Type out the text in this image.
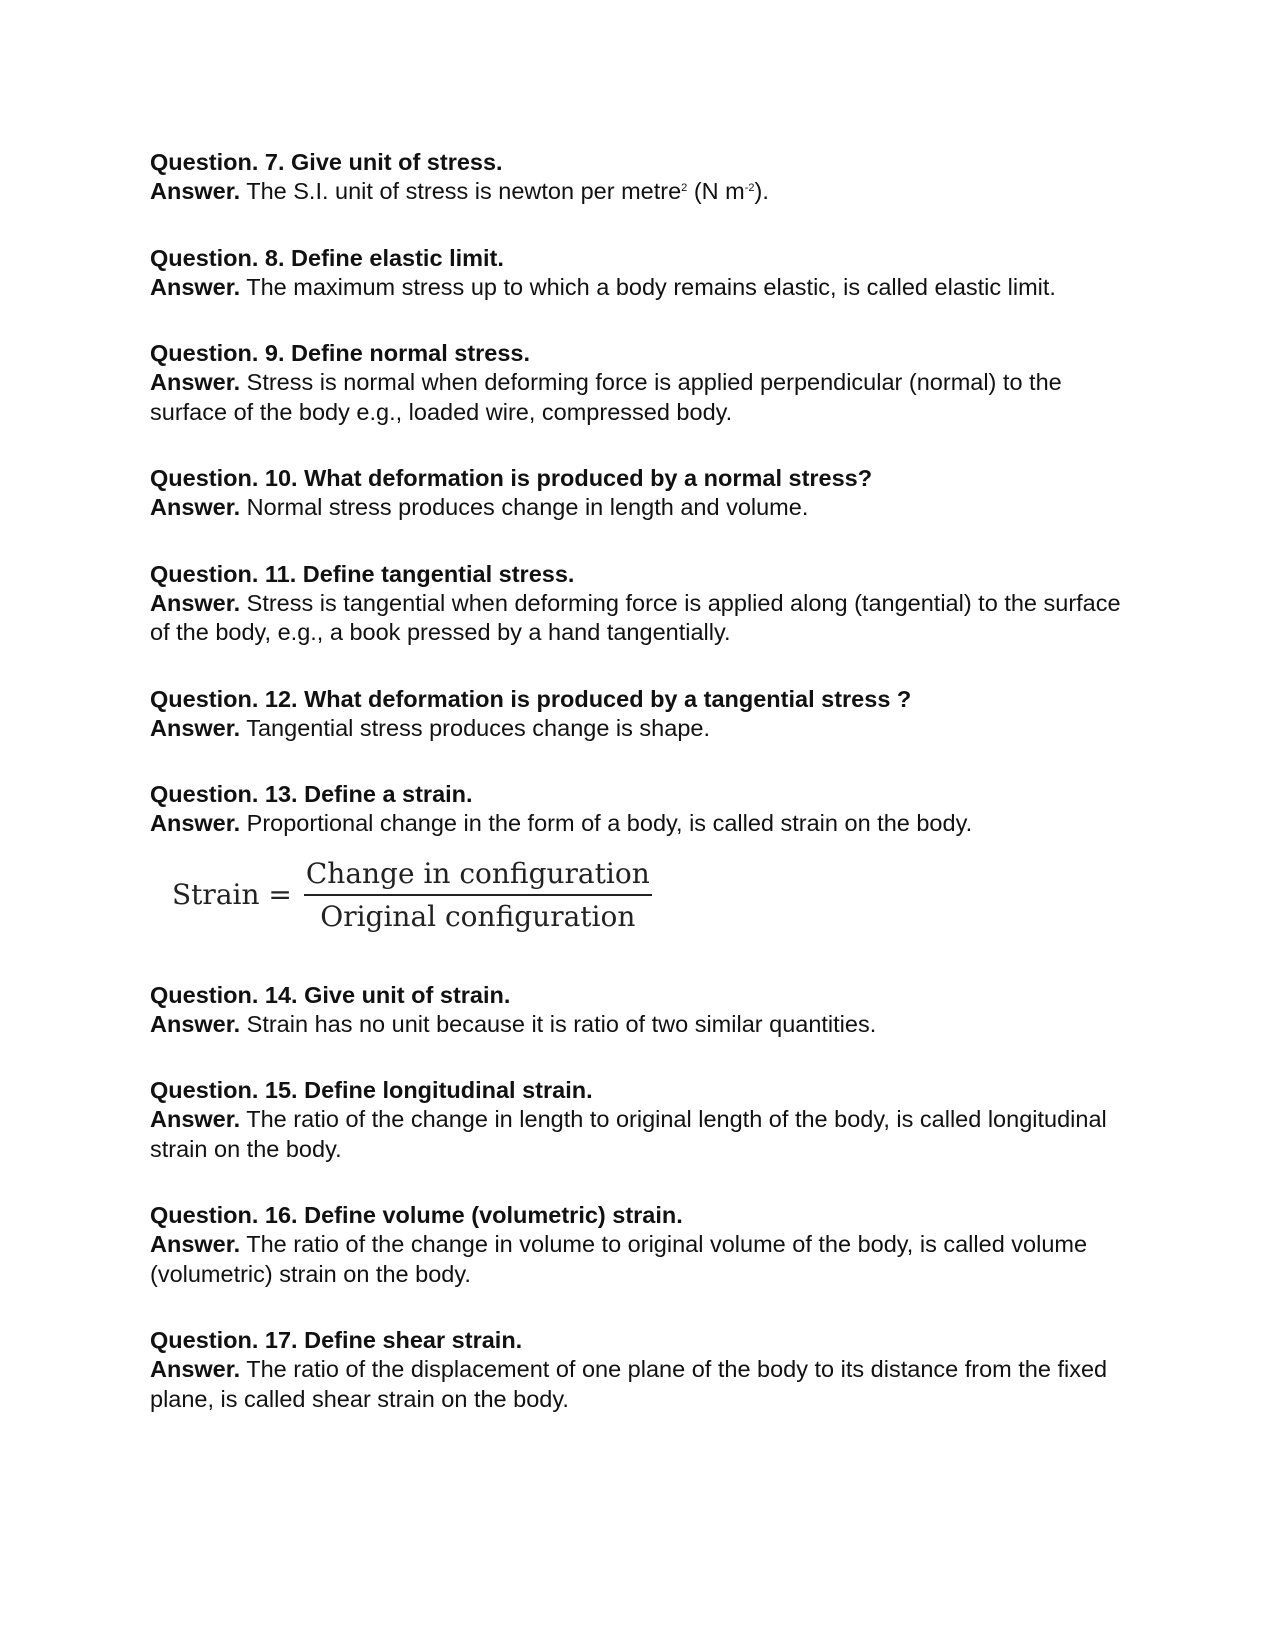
Question. 7. Give unit of stress.

Answer. The S.I. unit of stress is newton per metre$^2$ (N $m^{-2}$).

Question. 8. Define elastic limit.

Answer. The maximum stress up to which a body remains elastic, is called elastic limit.

Question. 9. Define normal stress.

Answer. Stress is normal when deforming force is applied perpendicular (normal) to the surface of the body e.g., loaded wire, compressed body.

Question. 10. What deformation is produced by a normal stress?

Answer. Normal stress produces change in length and volume.

Question. 11. Define tangential stress.

Answer. Stress is tangential when deforming force is applied along (tangential) to the surface of the body, e.g., a book pressed by a hand tangentially.

Question. 12. What deformation is produced by a tangential stress ?

Answer. Tangential stress produces change is shape.

Question. 13. Define a strain.

Answer. Proportional change in the form of a body, is called strain on the body.

Strain = $\frac{\text{Change in configuration}}{\text{Original configuration}}$

Question. 14. Give unit of strain.

Answer. Strain has no unit because it is ratio of two similar quantities.

Question. 15. Define longitudinal strain.

Answer. The ratio of the change in length to original length of the body, is called longitudinal strain on the body.

Question. 16. Define volume (volumetric) strain.

Answer. The ratio of the change in volume to original volume of the body, is called volume (volumetric) strain on the body.

Question. 17. Define shear strain.

Answer. The ratio of the displacement of one plane of the body to its distance from the fixed plane, is called shear strain on the body.
